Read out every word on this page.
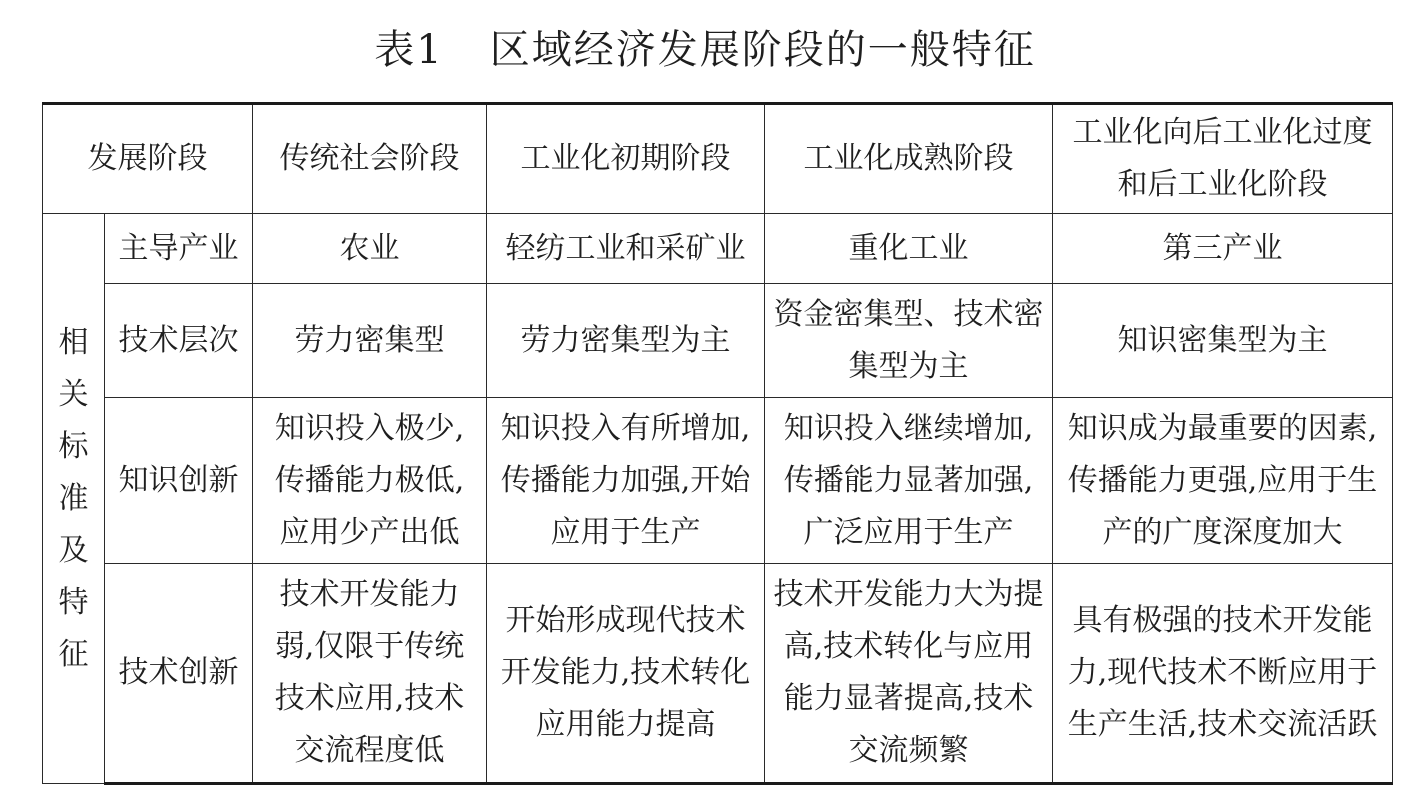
表1 区域经济发展阶段的一般特征
发展阶段		传统社会阶段	工业化初期阶段	工业化成熟阶段	工业化向后工业化过度和后工业化阶段
相关标准及特征	主导产业	农业	轻纺工业和采矿业	重化工业	第三产业
	技术层次	劳力密集型	劳力密集型为主	资金密集型、技术密集型为主	知识密集型为主
	知识创新	知识投入极少,传播能力极低,应用少产出低	知识投入有所增加,传播能力加强,开始应用于生产	知识投入继续增加,传播能力显著加强,广泛应用于生产	知识成为最重要的因素,传播能力更强,应用于生产的广度深度加大
	技术创新	技术开发能力弱,仅限于传统技术应用,技术交流程度低	开始形成现代技术开发能力,技术转化应用能力提高	技术开发能力大为提高,技术转化与应用能力显著提高,技术交流频繁	具有极强的技术开发能力,现代技术不断应用于生产生活,技术交流活跃
